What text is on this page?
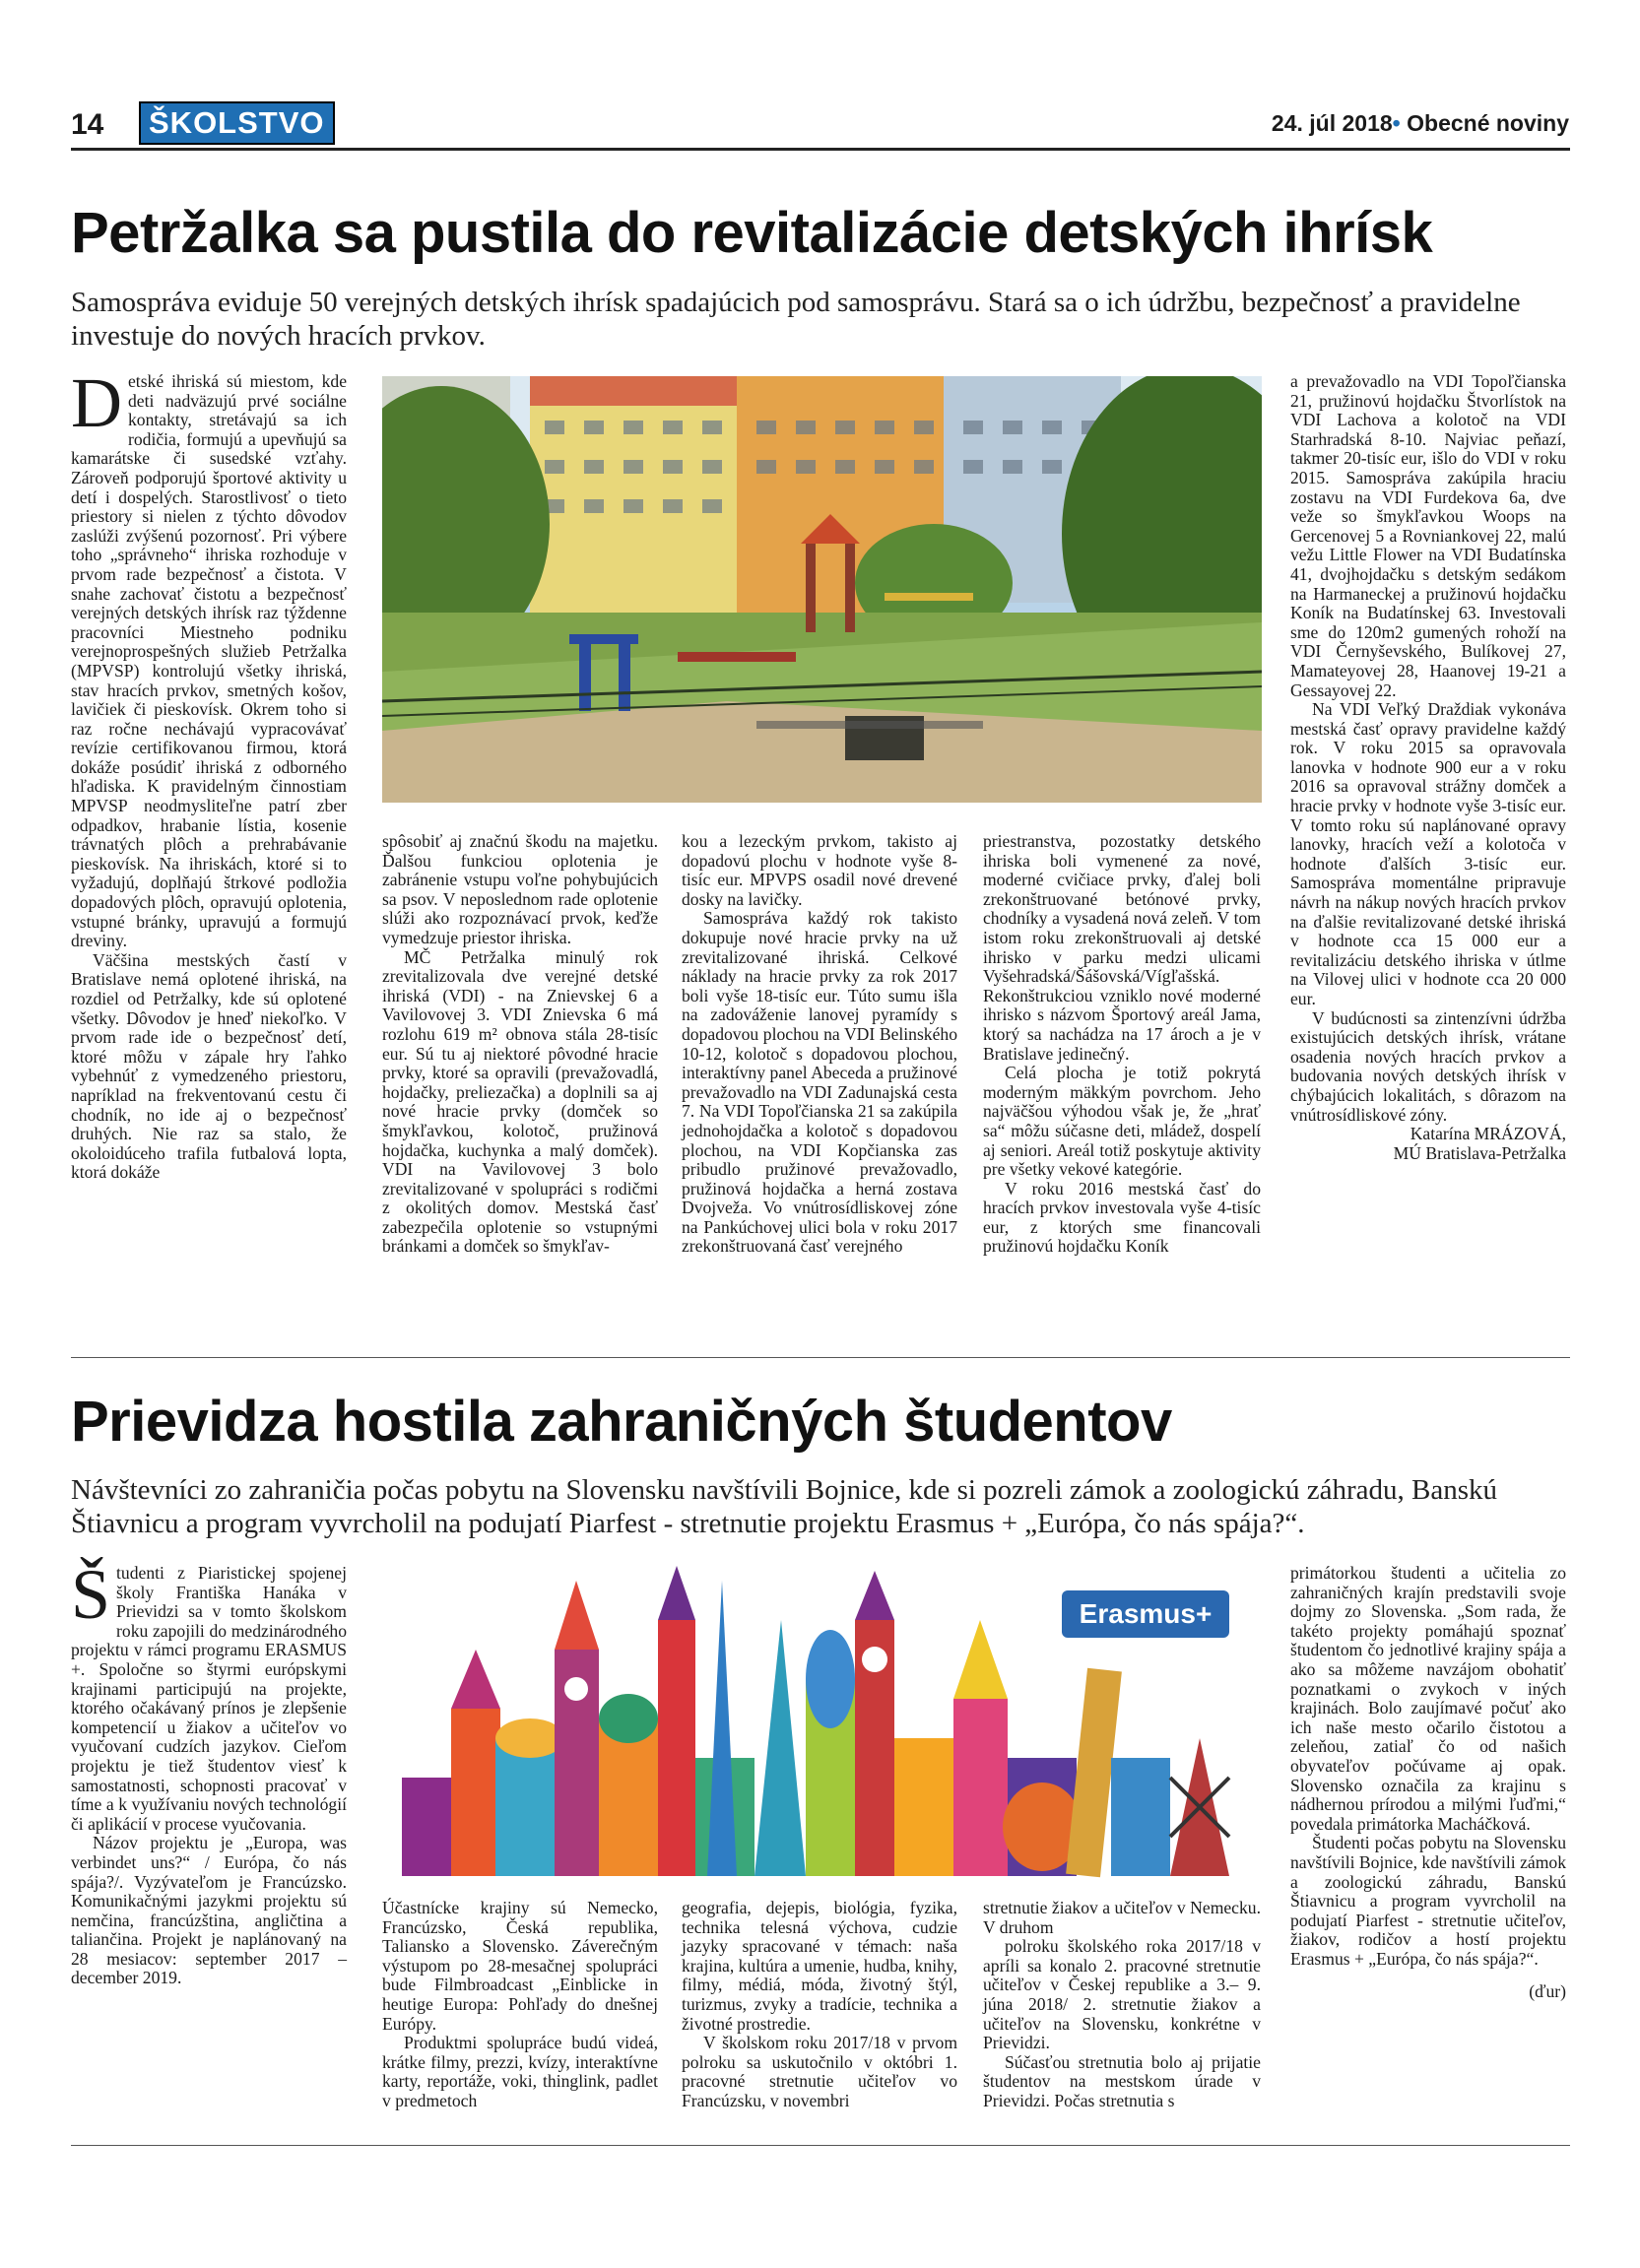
14	ŠKOLSTVO	24. júl 2018• Obecné noviny
Petržalka sa pustila do revitalizácie detských ihrísk
Samospráva eviduje 50 verejných detských ihrísk spadajúcich pod samosprávu. Stará sa o ich údržbu, bezpečnosť a pravidelne investuje do nových hracích prvkov.

Detské ihriská sú miestom, kde deti nadväzujú prvé sociálne kontakty, stretávajú sa ich rodičia, formujú a upevňujú sa kamarátske či susedské vzťahy. Zároveň podporujú športové aktivity u detí i dospelých. Starostlivosť o tieto priestory si nielen z týchto dôvodov zaslúži zvýšenú pozornosť. Pri výbere toho „správneho“ ihriska rozhoduje v prvom rade bezpečnosť a čistota. V snahe zachovať čistotu a bezpečnosť verejných detských ihrísk raz týždenne pracovníci Miestneho podniku verejnoprospešných služieb Petržalka (MPVSP) kontrolujú všetky ihriská, stav hracích prvkov, smetných košov, lavičiek či pieskovísk. Okrem toho si raz ročne nechávajú vypracovávať revízie certifikovanou firmou, ktorá dokáže posúdiť ihriská z odborného hľadiska. K pravidelným činnostiam MPVSP neodmysliteľne patrí zber odpadkov, hrabanie lístia, kosenie trávnatých plôch a prehrabávanie pieskovísk. Na ihriskách, ktoré si to vyžadujú, doplňajú štrkové podložia dopadových plôch, opravujú oplotenia, vstupné bránky, upravujú a formujú dreviny.

Väčšina mestských častí v Bratislave nemá oplotené ihriská, na rozdiel od Petržalky, kde sú oplotené všetky. Dôvodov je hneď niekoľko. V prvom rade ide o bezpečnosť detí, ktoré môžu v zápale hry ľahko vybehnúť z vymedzeného priestoru, napríklad na frekventovanú cestu či chodník, no ide aj o bezpečnosť druhých. Nie raz sa stalo, že okoloidúceho trafila futbalová lopta, ktorá dokáže

spôsobiť aj značnú škodu na majetku. Ďalšou funkciou oplotenia je zabránenie vstupu voľne pohybujúcich sa psov. V neposlednom rade oplotenie slúži ako rozpoznávací prvok, keďže vymedzuje priestor ihriska.

MČ Petržalka minulý rok zrevitalizovala dve verejné detské ihriská (VDI) - na Znievskej 6 a Vavilovovej 3. VDI Znievska 6 má rozlohu 619 m² obnova stála 28-tisíc eur. Sú tu aj niektoré pôvodné hracie prvky, ktoré sa opravili (prevažovadlá, hojdačky, preliezačka) a doplnili sa aj nové hracie prvky (domček so šmykľavkou, kolotoč, pružinová hojdačka, kuchynka a malý domček). VDI na Vavilovovej 3 bolo zrevitalizované v spolupráci s rodičmi z okolitých domov. Mestská časť zabezpečila oplotenie so vstupnými bránkami a domček so šmykľav-

kou a lezeckým prvkom, takisto aj dopadovú plochu v hodnote vyše 8-tisíc eur. MPVPS osadil nové drevené dosky na lavičky.

Samospráva každý rok takisto dokupuje nové hracie prvky na už zrevitalizované ihriská. Celkové náklady na hracie prvky za rok 2017 boli vyše 18-tisíc eur. Túto sumu išla na zadováženie lanovej pyramídy s dopadovou plochou na VDI Belinského 10-12, kolotoč s dopadovou plochou, interaktívny panel Abeceda a pružinové prevažovadlo na VDI Zadunajská cesta 7. Na VDI Topoľčianska 21 sa zakúpila jednohojdačka a kolotoč s dopadovou plochou, na VDI Kopčianska zas pribudlo pružinové prevažovadlo, pružinová hojdačka a herná zostava Dvojveža. Vo vnútrosídliskovej zóne na Pankúchovej ulici bola v roku 2017 zrekonštruovaná časť verejného

priestranstva, pozostatky detského ihriska boli vymenené za nové, moderné cvičiace prvky, ďalej boli zrekonštruované betónové prvky, chodníky a vysadená nová zeleň. V tom istom roku zrekonštruovali aj detské ihrisko v parku medzi ulicami Vyšehradská/Šášovská/Vígľašská. Rekonštrukciou vzniklo nové moderné ihrisko s názvom Športový areál Jama, ktorý sa nachádza na 17 ároch a je v Bratislave jedinečný.

Celá plocha je totiž pokrytá moderným mäkkým povrchom. Jeho najväčšou výhodou však je, že „hrať sa“ môžu súčasne deti, mládež, dospelí aj seniori. Areál totiž poskytuje aktivity pre všetky vekové kategórie.

V roku 2016 mestská časť do hracích prvkov investovala vyše 4-tisíc eur, z ktorých sme financovali pružinovú hojdačku Koník

a prevažovadlo na VDI Topoľčianska 21, pružinovú hojdačku Štvorlístok na VDI Lachova a kolotoč na VDI Starhradská 8-10. Najviac peňazí, takmer 20-tisíc eur, išlo do VDI v roku 2015. Samospráva zakúpila hraciu zostavu na VDI Furdekova 6a, dve veže so šmykľavkou Woops na Gercenovej 5 a Rovniankovej 22, malú vežu Little Flower na VDI Budatínska 41, dvojhojdačku s detským sedákom na Harmaneckej a pružinovú hojdačku Koník na Budatínskej 63. Investovali sme do 120m2 gumených rohoží na VDI Černyševského, Bulíkovej 27, Mamateyovej 28, Haanovej 19-21 a Gessayovej 22.

Na VDI Veľký Draždiak vykonáva mestská časť opravy pravidelne každý rok. V roku 2015 sa opravovala lanovka v hodnote 900 eur a v roku 2016 sa opravoval strážny domček a hracie prvky v hodnote vyše 3-tisíc eur. V tomto roku sú naplánované opravy lanovky, hracích veží a kolotoča v hodnote ďalších 3-tisíc eur. Samospráva momentálne pripravuje návrh na nákup nových hracích prvkov na ďalšie revitalizované detské ihriská v hodnote cca 15 000 eur a revitalizáciu detského ihriska v útlme na Vilovej ulici v hodnote cca 20 000 eur.

V budúcnosti sa zintenzívni údržba existujúcich detských ihrísk, vrátane osadenia nových hracích prvkov a budovania nových detských ihrísk v chýbajúcich lokalitách, s dôrazom na vnútrosídliskové zóny.

Katarína MRÁZOVÁ,

MÚ Bratislava-Petržalka

Prievidza hostila zahraničných študentov
Návštevníci zo zahraničia počas pobytu na Slovensku navštívili Bojnice, kde si pozreli zámok a zoologickú záhradu, Banskú Štiavnicu a program vyvrcholil na podujatí Piarfest - stretnutie projektu Erasmus + „Európa, čo nás spája?“.

Študenti z Piaristickej spojenej školy Františka Hanáka v Prievidzi sa v tomto školskom roku zapojili do medzinárodného projektu v rámci programu ERASMUS +. Spoločne so štyrmi európskymi krajinami participujú na projekte, ktorého očakávaný prínos je zlepšenie kompetencií u žiakov a učiteľov vo vyučovaní cudzích jazykov. Cieľom projektu je tiež študentov viesť k samostatnosti, schopnosti pracovať v tíme a k využívaniu nových technológií či aplikácií v procese vyučovania.

Názov projektu je „Europa, was verbindet uns?“ / Európa, čo nás spája?/. Vyzývateľom je Francúzsko. Komunikačnými jazykmi projektu sú nemčina, francúzština, angličtina a taliančina. Projekt je naplánovaný na 28 mesiacov: september 2017 – december 2019.

Erasmus+

Účastnícke krajiny sú Nemecko, Francúzsko, Česká republika, Taliansko a Slovensko. Záverečným výstupom po 28-mesačnej spolupráci bude Filmbroadcast „Einblicke in heutige Europa: Pohľady do dnešnej Európy.

Produktmi spolupráce budú videá, krátke filmy, prezzi, kvízy, interaktívne karty, reportáže, voki, thinglink, padlet v predmetoch

geografia, dejepis, biológia, fyzika, technika telesná výchova, cudzie jazyky spracované v témach: naša krajina, kultúra a umenie, hudba, knihy, filmy, médiá, móda, životný štýl, turizmus, zvyky a tradície, technika a životné prostredie.

V školskom roku 2017/18 v prvom polroku sa uskutočnilo v októbri 1. pracovné stretnutie učiteľov vo Francúzsku, v novembri

stretnutie žiakov a učiteľov v Nemecku. V druhom

polroku školského roka 2017/18 v apríli sa konalo 2. pracovné stretnutie učiteľov v Českej republike a 3.– 9. júna 2018/ 2. stretnutie žiakov a učiteľov na Slovensku, konkrétne v Prievidzi.

Súčasťou stretnutia bolo aj prijatie študentov na mestskom úrade v Prievidzi. Počas stretnutia s

primátorkou študenti a učitelia zo zahraničných krajín predstavili svoje dojmy zo Slovenska. „Som rada, že takéto projekty pomáhajú spoznať študentom čo jednotlivé krajiny spája a ako sa môžeme navzájom obohatiť poznatkami o zvykoch v iných krajinách. Bolo zaujímavé počuť ako ich naše mesto očarilo čistotou a zeleňou, zatiaľ čo od našich obyvateľov počúvame aj opak. Slovensko označila za krajinu s nádhernou prírodou a milými ľuďmi,“ povedala primátorka Macháčková.

Študenti počas pobytu na Slovensku navštívili Bojnice, kde navštívili zámok a zoologickú záhradu, Banskú Štiavnicu a program vyvrcholil na podujatí Piarfest - stretnutie učiteľov, žiakov, rodičov a hostí projektu Erasmus + „Európa, čo nás spája?“.

(ďur)
